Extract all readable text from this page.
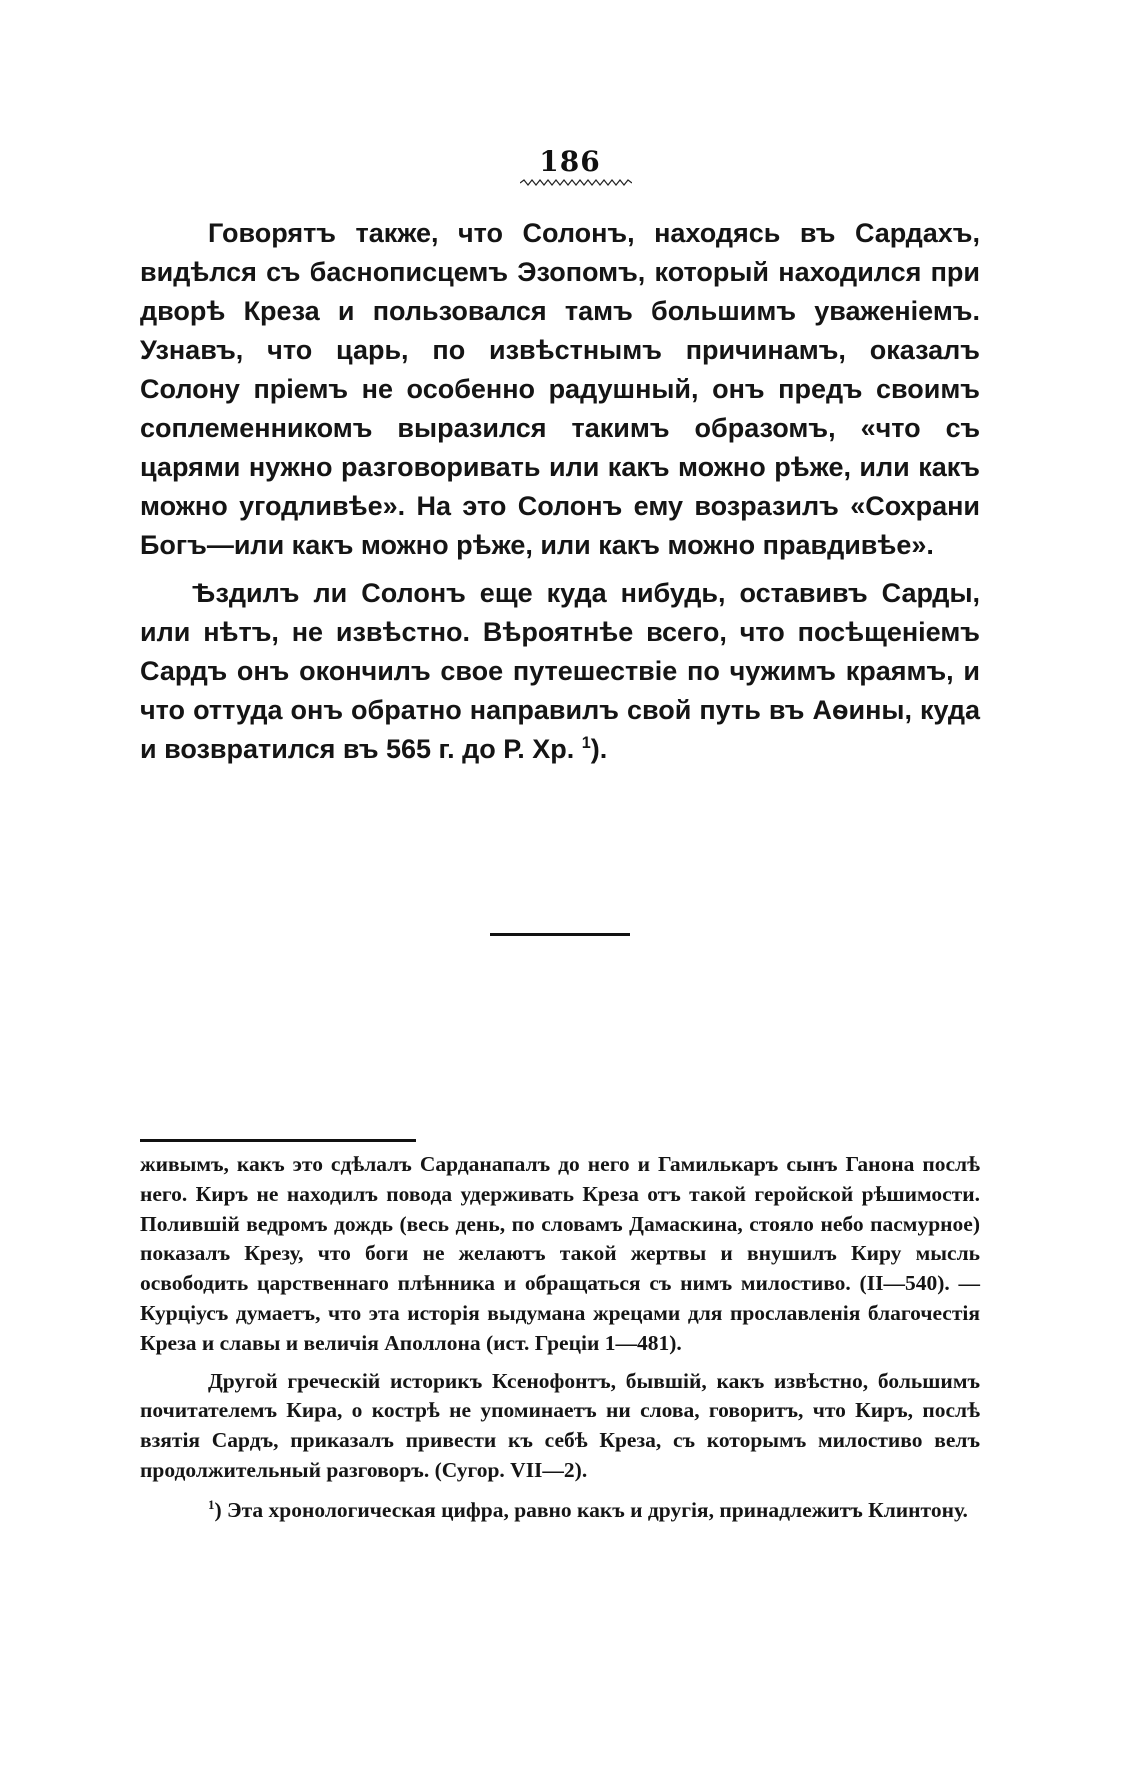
186

Говорятъ также, что Солонъ, находясь въ Сардахъ, видѣлся съ баснописцемъ Эзопомъ, который находился при дворѣ Креза и пользовался тамъ большимъ уваженіемъ. Узнавъ, что царь, по извѣстнымъ причинамъ, оказалъ Солону пріемъ не особенно радушный, онъ предъ своимъ соплеменникомъ выразился такимъ образомъ, «что съ царями нужно разговоривать или какъ можно рѣже, или какъ можно угодливѣе». На это Солонъ ему возразилъ «Сохрани Богъ—или какъ можно рѣже, или какъ можно правдивѣе».

Ѣздилъ ли Солонъ еще куда нибудь, оставивъ Сарды, или нѣтъ, не извѣстно. Вѣроятнѣе всего, что посѣщеніемъ Сардъ онъ окончилъ свое путешествіе по чужимъ краямъ, и что оттуда онъ обратно направилъ свой путь въ Аѳины, куда и возвратился въ 565 г. до Р. Хр. $^1$).

живымъ, какъ это сдѣлалъ Сарданапалъ до него и Гамилькаръ сынъ Ганона послѣ него. Киръ не находилъ повода удерживать Креза отъ такой геройской рѣшимости. Полившій ведромъ дождь (весь день, по словамъ Дамаскина, стояло небо пасмурное) показалъ Крезу, что боги не желаютъ такой жертвы и внушилъ Киру мысль освободить царственнаго плѣнника и обращаться съ нимъ милостиво. (II—540). —Курціусъ думаетъ, что эта исторія выдумана жрецами для прославленія благочестія Креза и славы и величія Аполлона (ист. Греціи 1—481).

Другой греческій историкъ Ксенофонтъ, бывшій, какъ извѣстно, большимъ почитателемъ Кира, о кострѣ не упоминаетъ ни слова, говоритъ, что Киръ, послѣ взятія Сардъ, приказалъ привести къ себѣ Креза, съ которымъ милостиво велъ продолжительный разговоръ. (Сугор. VII—2).

$^1$) Эта хронологическая цифра, равно какъ и другія, принадлежитъ Клинтону.
